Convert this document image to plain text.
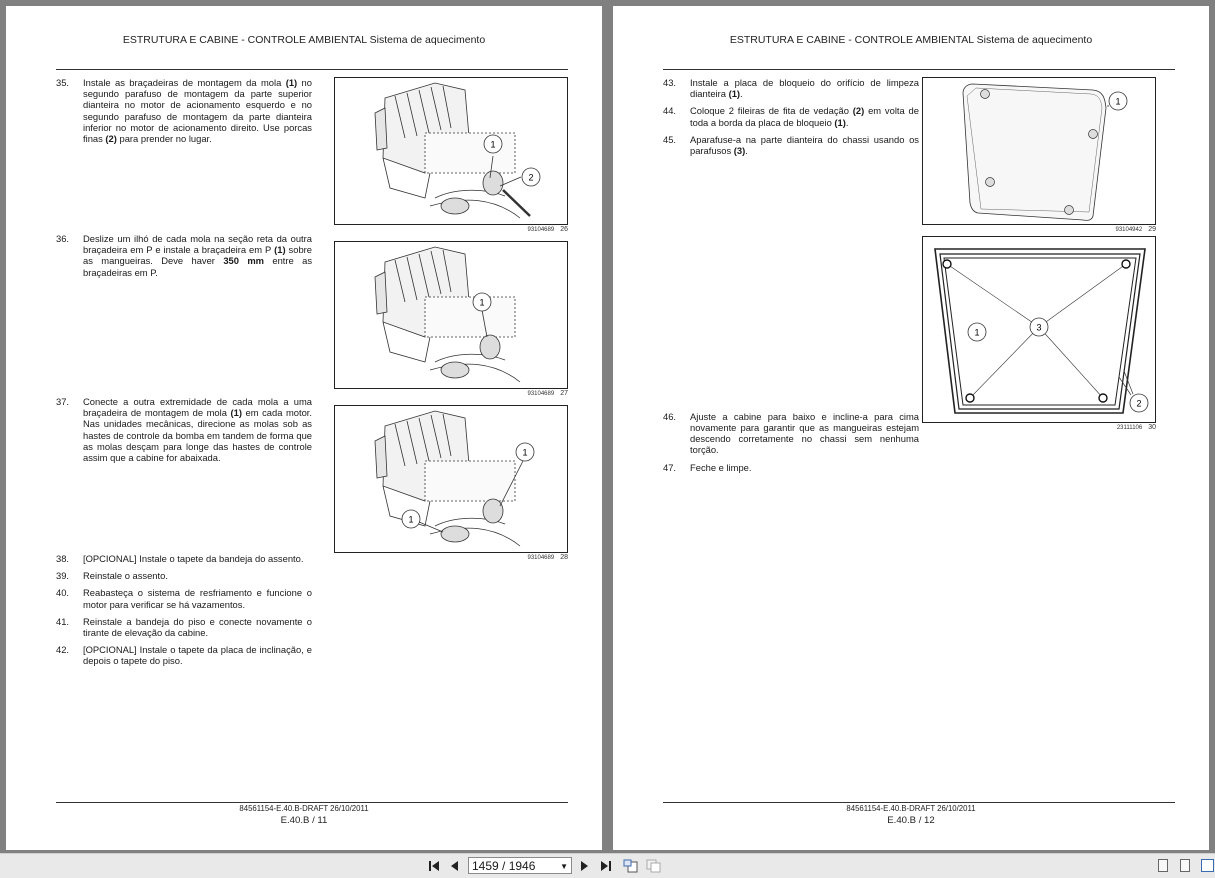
ESTRUTURA E CABINE - CONTROLE AMBIENTAL Sistema de aquecimento
35.	Instale as braçadeiras de montagem da mola (1) no segundo parafuso de montagem da parte superior dianteira no motor de acionamento esquerdo e no segundo parafuso de montagem da parte dianteira inferior no motor de acionamento direito. Use porcas finas (2) para prender no lugar.
36.	Deslize um ilhó de cada mola na seção reta da outra braçadeira em P e instale a braçadeira em P (1) sobre as mangueiras. Deve haver 350 mm entre as braçadeiras em P.
37.	Conecte a outra extremidade de cada mola a uma braçadeira de montagem de mola (1) em cada motor. Nas unidades mecânicas, direcione as molas sob as hastes de controle da bomba em tandem de forma que as molas desçam para longe das hastes de controle assim que a cabine for abaixada.
38.	[OPCIONAL] Instale o tapete da bandeja do assento.
39.	Reinstale o assento.
40.	Reabasteça o sistema de resfriamento e funcione o motor para verificar se há vazamentos.
41.	Reinstale a bandeja do piso e conecte novamente o tirante de elevação da cabine.
42.	[OPCIONAL] Instale o tapete da placa de inclinação, e depois o tapete do piso.
1
2
93104689 26
1
93104689 27
1
1
93104689 28
84561154-E.40.B-DRAFT 26/10/2011
E.40.B / 11
ESTRUTURA E CABINE - CONTROLE AMBIENTAL Sistema de aquecimento
43.	Instale a placa de bloqueio do orifício de limpeza dianteira (1).
44.	Coloque 2 fileiras de fita de vedação (2) em volta de toda a borda da placa de bloqueio (1).
45.	Aparafuse-a na parte dianteira do chassi usando os parafusos (3).
46.	Ajuste a cabine para baixo e incline-a para cima novamente para garantir que as mangueiras estejam descendo corretamente no chassi sem nenhuma torção.
47.	Feche e limpe.
1
93104942 29
1	3
2
23111106 30
84561154-E.40.B-DRAFT 26/10/2011
E.40.B / 12
1459 / 1946	▼
